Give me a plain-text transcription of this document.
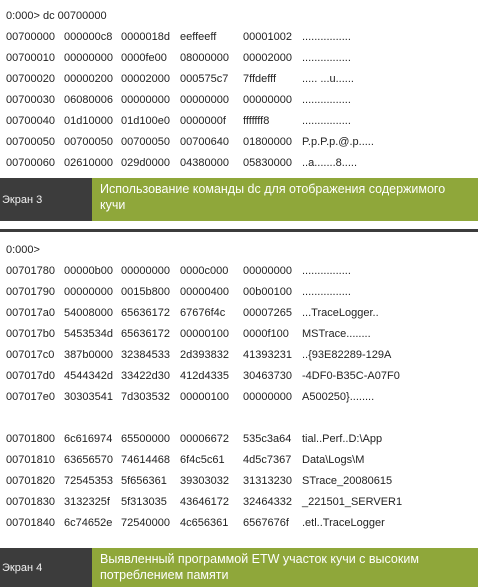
0:000> dc 00700000
00700000 000000c8 0000018d eeffeeff 00001002 ................
00700010 00000000 0000fe00 08000000 00002000 ................
00700020 00000200 00002000 000575c7 7ffdefff ..... ...u......
00700030 06080006 00000000 00000000 00000000 ................
00700040 01d10000 01d100e0 0000000f fffffff8	................
00700050 00700050 00700050 00700640 01800000 P.p.P.p.@.p.....
00700060 02610000 029d0000 04380000 05830000 ..a.......8.....
Экран 3
Использование команды dc для отображения содержимого кучи
0:000>
00701780 00000b00 00000000 0000c000 00000000 ................
00701790 00000000 0015b800 00000400 00b00100 ................
007017a0 54008000 65636172 67676f4c 00007265 ...TraceLogger..
007017b0 5453534d 65636172 00000100 0000f100 MSTrace........
007017c0 387b0000 32384533 2d393832 41393231 ..{93E82289-129A
007017d0 4544342d 33422d30 412d4335 30463730 -4DF0-B35C-A07F0
007017e0 30303541 7d303532 00000100 00000000 A500250}........
00701800 6c616974 65500000 00006672 535c3a64 tial..Perf..D:\App
00701810 63656570 74614468 6f4c5c61 4d5c7367 Data\Logs\M
00701820 72545353 5f656361 39303032 31313230 STrace_20080615
00701830 3132325f 5f313035 43646172 32464332 _221501_SERVER1
00701840 6c74652e 72540000 4c656361 6567676f .etl..TraceLogger
Экран 4
Выявленный программой ETW участок кучи с высоким потреблением памяти
